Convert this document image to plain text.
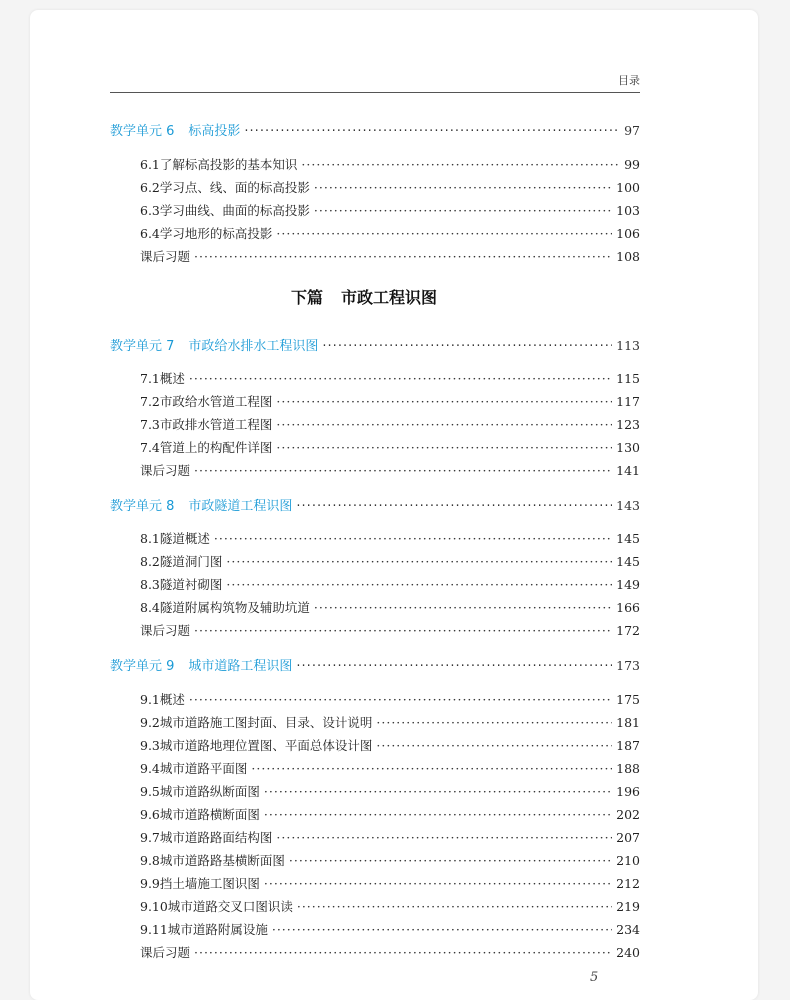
目录
教学单元 6 标高投影 ·····	97
6.1 了解标高投影的基本知识 ·····	99
6.2 学习点、线、面的标高投影 ·····	100
6.3 学习曲线、曲面的标高投影 ·····	103
6.4 学习地形的标高投影 ·····	106
课后习题 ·····	108
下篇 市政工程识图
教学单元 7 市政给水排水工程识图 ·····	113
7.1 概述 ·····	115
7.2 市政给水管道工程图 ·····	117
7.3 市政排水管道工程图 ·····	123
7.4 管道上的构配件详图 ·····	130
课后习题 ·····	141
教学单元 8 市政隧道工程识图 ·····	143
8.1 隧道概述 ·····	145
8.2 隧道洞门图 ·····	145
8.3 隧道衬砌图 ·····	149
8.4 隧道附属构筑物及辅助坑道 ·····	166
课后习题 ·····	172
教学单元 9 城市道路工程识图 ·····	173
9.1 概述 ·····	175
9.2 城市道路施工图封面、目录、设计说明 ·····	181
9.3 城市道路地理位置图、平面总体设计图 ·····	187
9.4 城市道路平面图 ·····	188
9.5 城市道路纵断面图 ·····	196
9.6 城市道路横断面图 ·····	202
9.7 城市道路路面结构图 ·····	207
9.8 城市道路路基横断面图 ·····	210
9.9 挡土墙施工图识图 ·····	212
9.10 城市道路交叉口图识读 ·····	219
9.11 城市道路附属设施 ·····	234
课后习题 ·····	240
5
